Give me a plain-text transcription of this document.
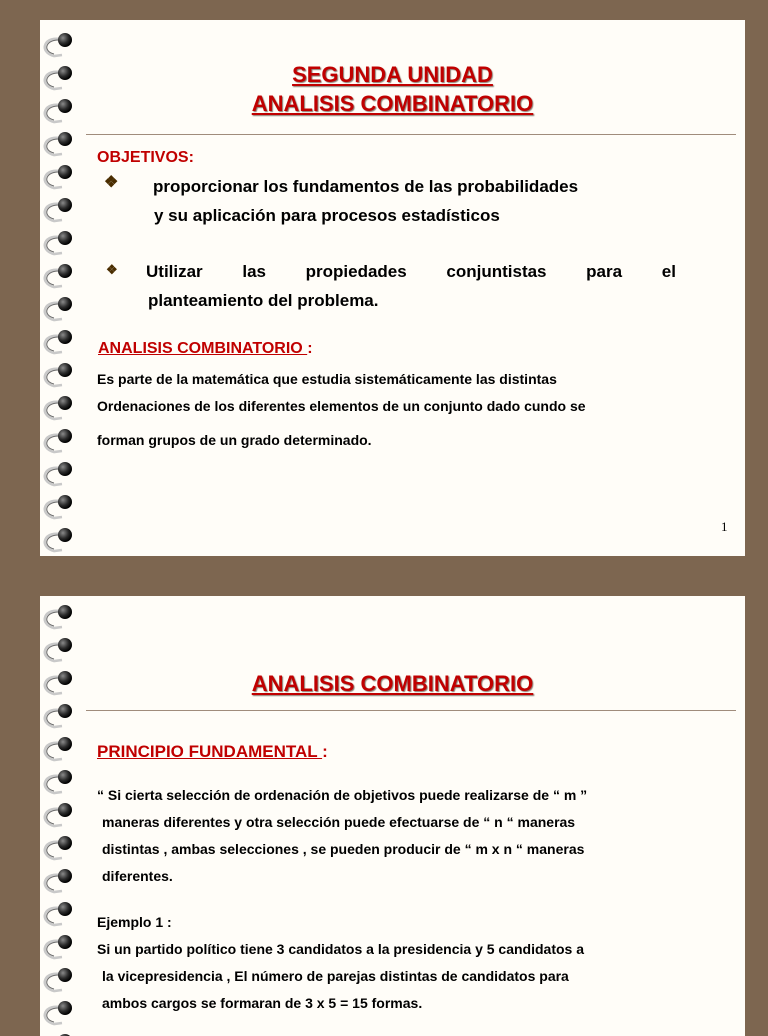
SEGUNDA UNIDAD
ANALISIS COMBINATORIO
OBJETIVOS:
❖ proporcionar los fundamentos de las probabilidades
y su aplicación para procesos estadísticos
❖ Utilizar las propiedades conjuntistas para el
planteamiento del problema.
ANALISIS COMBINATORIO :
Es parte de la matemática que estudia sistemáticamente las distintas
Ordenaciones de los diferentes elementos de un conjunto dado cundo se
forman grupos de un grado determinado.
1
ANALISIS COMBINATORIO
PRINCIPIO FUNDAMENTAL :
“ Si cierta selección de ordenación de objetivos puede realizarse de “ m ”
maneras diferentes y otra selección puede efectuarse de “ n “ maneras
distintas , ambas selecciones , se pueden producir de “ m x n “ maneras
diferentes.
Ejemplo 1 :
Si un partido político tiene 3 candidatos a la presidencia y 5 candidatos a
la vicepresidencia , El número de parejas distintas de candidatos para
ambos cargos se formaran de 3 x 5 = 15 formas.
